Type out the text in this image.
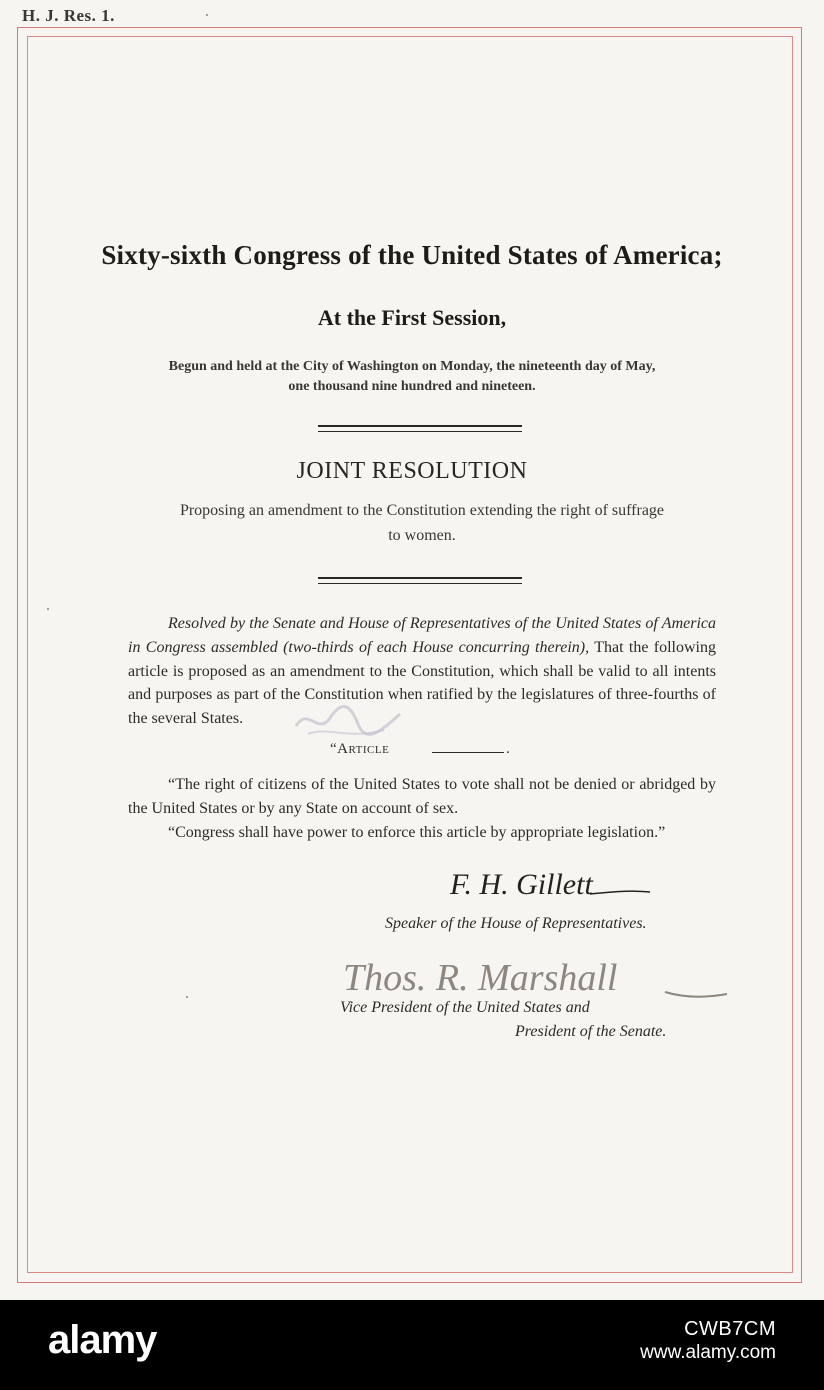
H. J. Res. 1.
Sixty-sixth Congress of the United States of America;
At the First Session,
Begun and held at the City of Washington on Monday, the nineteenth day of May,
one thousand nine hundred and nineteen.
JOINT RESOLUTION
Proposing an amendment to the Constitution extending the right of suffrage
to women.
Resolved by the Senate and House of Representatives of the United States of America in Congress assembled (two-thirds of each House concurring therein), That the following article is proposed as an amendment to the Constitution, which shall be valid to all intents and purposes as part of the Constitution when ratified by the legislatures of three-fourths of the several States.
“Article	.
“The right of citizens of the United States to vote shall not be denied or abridged by the United States or by any State on account of sex.
“Congress shall have power to enforce this article by appropriate legislation.”
F. H. Gillett
Speaker of the House of Representatives.
Thos. R. Marshall
Vice President of the United States and
President of the Senate.
alamy	CWB7CM
www.alamy.com
